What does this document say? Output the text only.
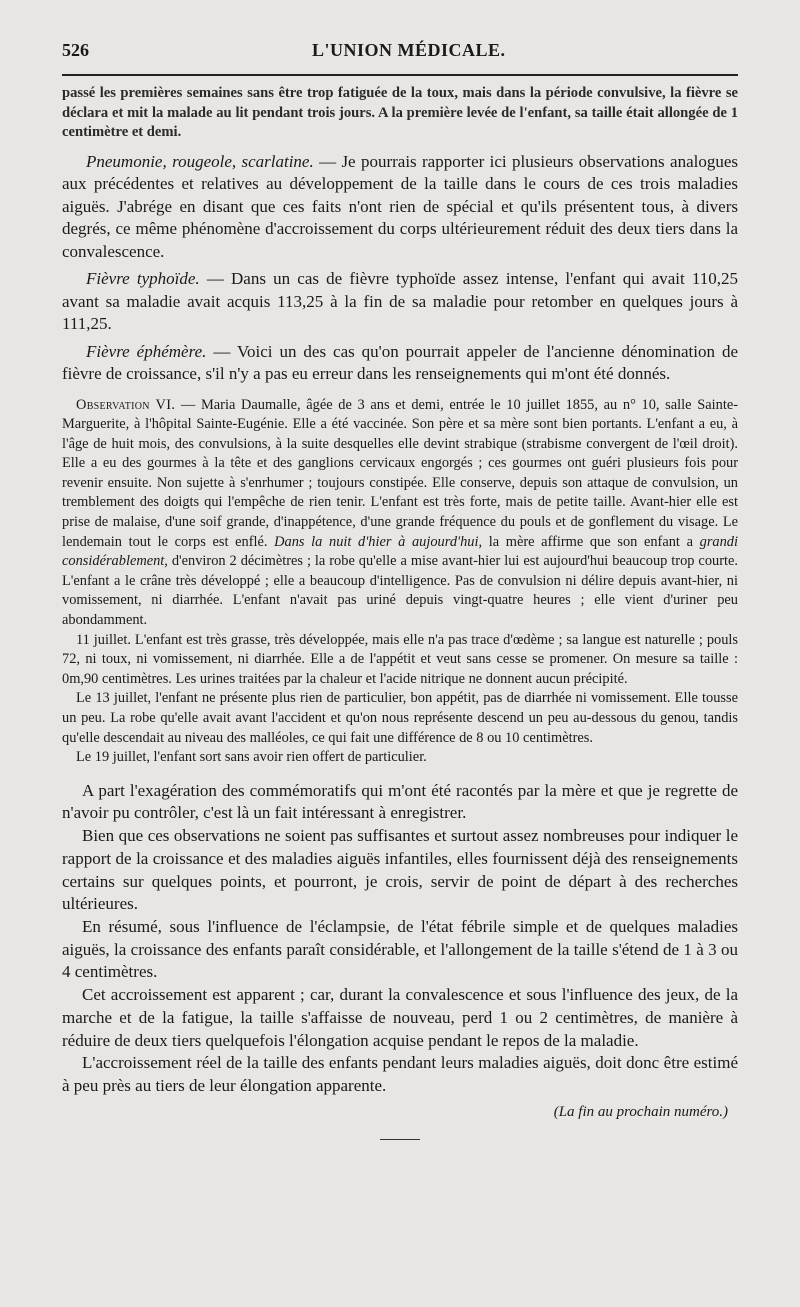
526	L'UNION MÉDICALE.

passé les premières semaines sans être trop fatiguée de la toux, mais dans la période convulsive, la fièvre se déclara et mit la malade au lit pendant trois jours. A la première levée de l'enfant, sa taille était allongée de 1 centimètre et demi.

Pneumonie, rougeole, scarlatine. — Je pourrais rapporter ici plusieurs observations analogues aux précédentes et relatives au développement de la taille dans le cours de ces trois maladies aiguës. J'abrége en disant que ces faits n'ont rien de spécial et qu'ils présentent tous, à divers degrés, ce même phénomène d'accroissement du corps ultérieurement réduit des deux tiers dans la convalescence.

Fièvre typhoïde. — Dans un cas de fièvre typhoïde assez intense, l'enfant qui avait 110,25 avant sa maladie avait acquis 113,25 à la fin de sa maladie pour retomber en quelques jours à 111,25.

Fièvre éphémère. — Voici un des cas qu'on pourrait appeler de l'ancienne dénomination de fièvre de croissance, s'il n'y a pas eu erreur dans les renseignements qui m'ont été donnés.

Observation VI. — Maria Daumalle, âgée de 3 ans et demi, entrée le 10 juillet 1855, au n° 10, salle Sainte-Marguerite, à l'hôpital Sainte-Eugénie. Elle a été vaccinée. Son père et sa mère sont bien portants. L'enfant a eu, à l'âge de huit mois, des convulsions, à la suite desquelles elle devint strabique (strabisme convergent de l'œil droit). Elle a eu des gourmes à la tête et des ganglions cervicaux engorgés ; ces gourmes ont guéri plusieurs fois pour revenir ensuite. Non sujette à s'enrhumer ; toujours constipée. Elle conserve, depuis son attaque de convulsion, un tremblement des doigts qui l'empêche de rien tenir. L'enfant est très forte, mais de petite taille. Avant-hier elle est prise de malaise, d'une soif grande, d'inappétence, d'une grande fréquence du pouls et de gonflement du visage. Le lendemain tout le corps est enflé. Dans la nuit d'hier à aujourd'hui, la mère affirme que son enfant a grandi considérablement, d'environ 2 décimètres ; la robe qu'elle a mise avant-hier lui est aujourd'hui beaucoup trop courte. L'enfant a le crâne très développé ; elle a beaucoup d'intelligence. Pas de convulsion ni délire depuis avant-hier, ni vomissement, ni diarrhée. L'enfant n'avait pas uriné depuis vingt-quatre heures ; elle vient d'uriner peu abondamment.

11 juillet. L'enfant est très grasse, très développée, mais elle n'a pas trace d'œdème ; sa langue est naturelle ; pouls 72, ni toux, ni vomissement, ni diarrhée. Elle a de l'appétit et veut sans cesse se promener. On mesure sa taille : 0m,90 centimètres. Les urines traitées par la chaleur et l'acide nitrique ne donnent aucun précipité.

Le 13 juillet, l'enfant ne présente plus rien de particulier, bon appétit, pas de diarrhée ni vomissement. Elle tousse un peu. La robe qu'elle avait avant l'accident et qu'on nous représente descend un peu au-dessous du genou, tandis qu'elle descendait au niveau des malléoles, ce qui fait une différence de 8 ou 10 centimètres.

Le 19 juillet, l'enfant sort sans avoir rien offert de particulier.

A part l'exagération des commémoratifs qui m'ont été racontés par la mère et que je regrette de n'avoir pu contrôler, c'est là un fait intéressant à enregistrer.

Bien que ces observations ne soient pas suffisantes et surtout assez nombreuses pour indiquer le rapport de la croissance et des maladies aiguës infantiles, elles fournissent déjà des renseignements certains sur quelques points, et pourront, je crois, servir de point de départ à des recherches ultérieures.

En résumé, sous l'influence de l'éclampsie, de l'état fébrile simple et de quelques maladies aiguës, la croissance des enfants paraît considérable, et l'allongement de la taille s'étend de 1 à 3 ou 4 centimètres.

Cet accroissement est apparent ; car, durant la convalescence et sous l'influence des jeux, de la marche et de la fatigue, la taille s'affaisse de nouveau, perd 1 ou 2 centimètres, de manière à réduire de deux tiers quelquefois l'élongation acquise pendant le repos de la maladie.

L'accroissement réel de la taille des enfants pendant leurs maladies aiguës, doit donc être estimé à peu près au tiers de leur élongation apparente.

(La fin au prochain numéro.)
